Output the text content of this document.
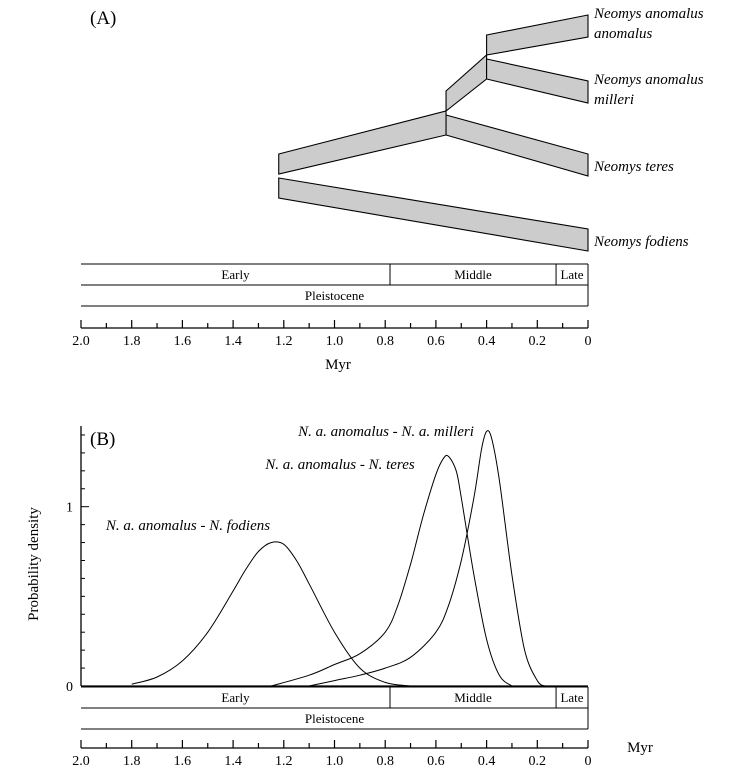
(A)	Neomys anomalus
anomalus
Neomys anomalus
milleri
Neomys teres
Neomys fodiens
Early	Middle	Late
Pleistocene
2.0 1.8 1.6 1.4 1.2 1.0 0.8 0.6 0.4 0.2	0
Myr
(B)
Probability density
0
1
N. a. anomalus - N. fodiens
N. a. anomalus - N. teres
N. a. anomalus - N. a. milleri
Early	Middle	Late
Pleistocene
2.0 1.8 1.6 1.4 1.2 1.0 0.8 0.6 0.4 0.2	0
Myr
